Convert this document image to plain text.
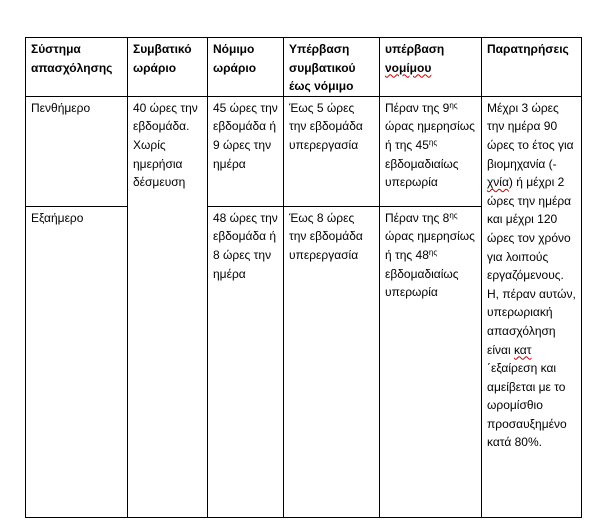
Σύστημα απασχόλησης	Συμβατικό ωράριο	Νόμιμο ωράριο	Υπέρβαση συμβατικού έως νόμιμο	υπέρβαση νομίμου	Παρατηρήσεις
Πενθήμερο	40 ώρες την εβδομάδα. Χωρίς ημερήσια δέσμευση	45 ώρες την εβδομάδα ή 9 ώρες την ημέρα	Έως 5 ώρες την εβδομάδα υπερεργασία	Πέραν της $9^{\eta\varsigma}$ ώρας ημερησίως ή της $45^{\eta\varsigma}$ εβδομαδιαίως υπερωρία	Μέχρι 3 ώρες την ημέρα 90 ώρες το έτος για βιομηχανία (-χνία) ή μέχρι 2 ώρες την ημέρα και μέχρι 120 ώρες τον χρόνο για λοιπούς εργαζόμενους. Η, πέραν αυτών, υπερωριακή απασχόληση είναι κατ ΄εξαίρεση και αμείβεται με το ωρομίσθιο προσαυξημένο κατά 80%.
Εξαήμερο		48 ώρες την εβδομάδα ή 8 ώρες την ημέρα	Έως 8 ώρες την εβδομάδα υπερεργασία	Πέραν της $8^{\eta\varsigma}$ ώρας ημερησίως ή της $48^{\eta\varsigma}$ εβδομαδιαίως υπερωρία	
